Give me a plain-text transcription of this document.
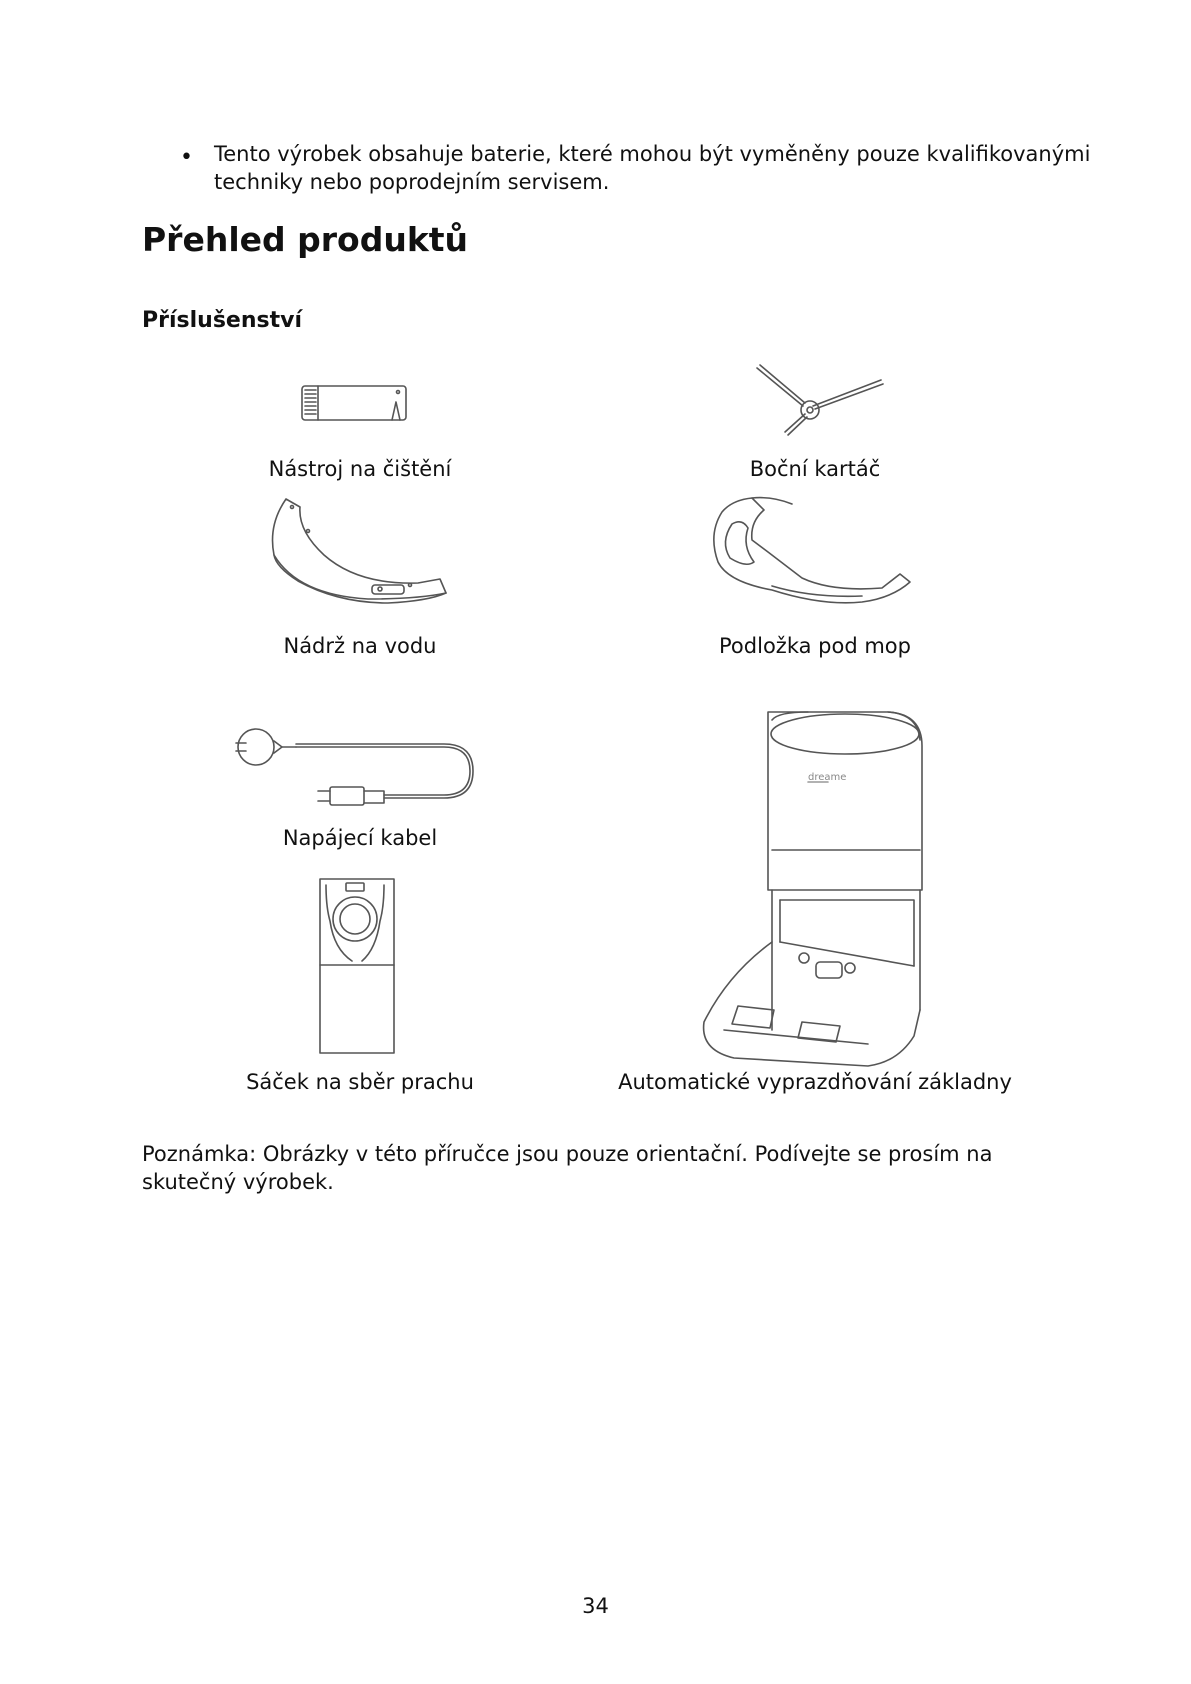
• Tento výrobek obsahuje baterie, které mohou být vyměněny pouze kvalifikovanými techniky nebo poprodejním servisem.
Přehled produktů
Příslušenství
Nástroj na čištění	Boční kartáč
Nádrž na vodu	Podložka pod mop
Napájecí kabel
Sáček na sběr prachu
dreame
Automatické vyprazdňování základny
Poznámka: Obrázky v této příručce jsou pouze orientační. Podívejte se prosím na skutečný výrobek.
34
